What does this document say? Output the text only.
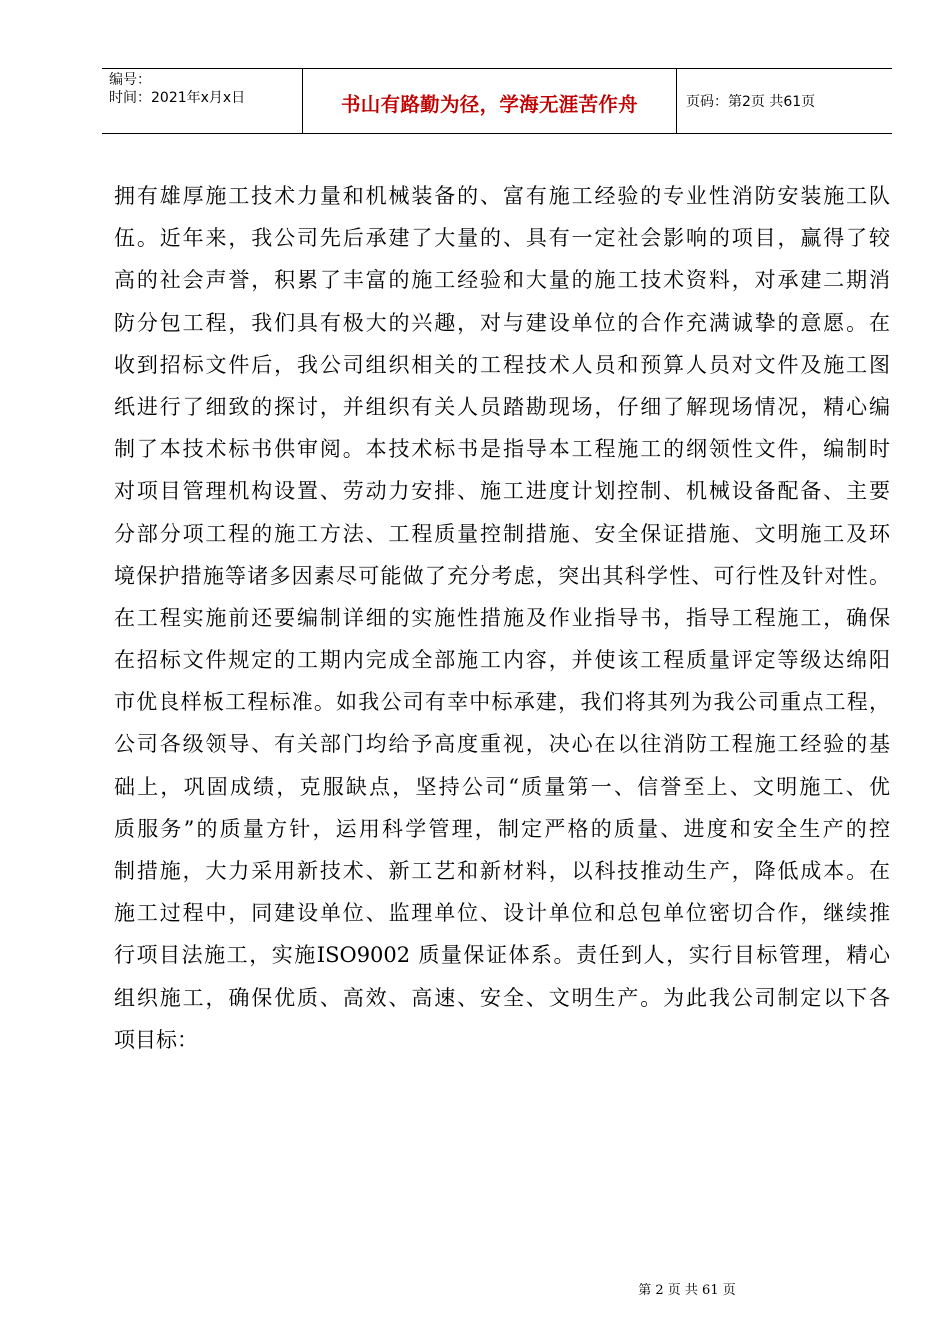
编号：
时间：2021年x月x日	书山有路勤为径，学海无涯苦作舟	页码：第2页 共61页
拥有雄厚施工技术力量和机械装备的、富有施工经验的专业性消防安装施工队
伍。近年来，我公司先后承建了大量的、具有一定社会影响的项目，赢得了较
高的社会声誉，积累了丰富的施工经验和大量的施工技术资料，对承建二期消
防分包工程，我们具有极大的兴趣，对与建设单位的合作充满诚挚的意愿。在
收到招标文件后，我公司组织相关的工程技术人员和预算人员对文件及施工图
纸进行了细致的探讨，并组织有关人员踏勘现场，仔细了解现场情况，精心编
制了本技术标书供审阅。本技术标书是指导本工程施工的纲领性文件，编制时
对项目管理机构设置、劳动力安排、施工进度计划控制、机械设备配备、主要
分部分项工程的施工方法、工程质量控制措施、安全保证措施、文明施工及环
境保护措施等诸多因素尽可能做了充分考虑，突出其科学性、可行性及针对性。
在工程实施前还要编制详细的实施性措施及作业指导书，指导工程施工，确保
在招标文件规定的工期内完成全部施工内容，并使该工程质量评定等级达绵阳
市优良样板工程标准。如我公司有幸中标承建，我们将其列为我公司重点工程，
公司各级领导、有关部门均给予高度重视，决心在以往消防工程施工经验的基
础上，巩固成绩，克服缺点，坚持公司“质量第一、信誉至上、文明施工、优
质服务”的质量方针，运用科学管理，制定严格的质量、进度和安全生产的控
制措施，大力采用新技术、新工艺和新材料，以科技推动生产，降低成本。在
施工过程中，同建设单位、监理单位、设计单位和总包单位密切合作，继续推
行项目法施工，实施ISO9002 质量保证体系。责任到人，实行目标管理，精心
组织施工，确保优质、高效、高速、安全、文明生产。为此我公司制定以下各
项目标：
第 2 页 共 61 页
